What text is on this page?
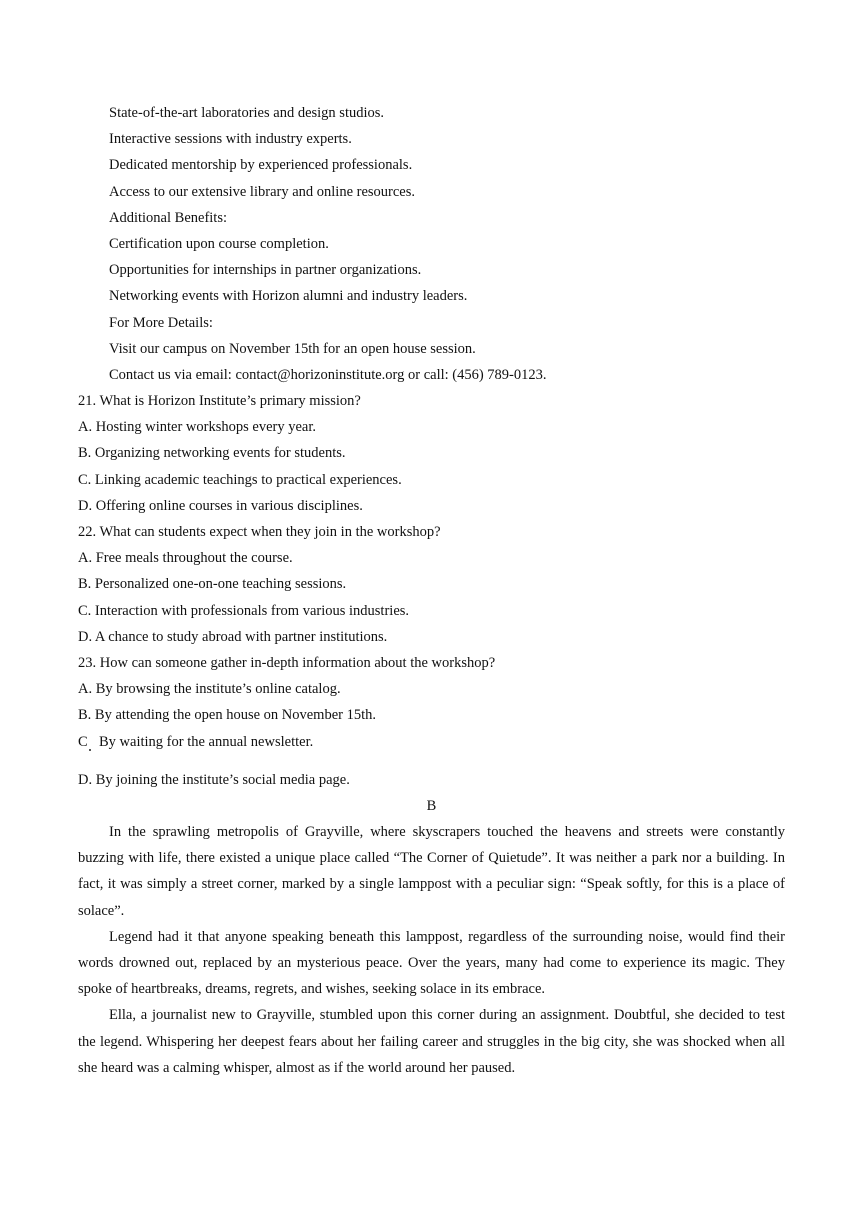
State-of-the-art laboratories and design studios.
Interactive sessions with industry experts.
Dedicated mentorship by experienced professionals.
Access to our extensive library and online resources.
Additional Benefits:
Certification upon course completion.
Opportunities for internships in partner organizations.
Networking events with Horizon alumni and industry leaders.
For More Details:
Visit our campus on November 15th for an open house session.
Contact us via email: contact@horizoninstitute.org or call: (456) 789-0123.
21. What is Horizon Institute’s primary mission?
A. Hosting winter workshops every year.
B. Organizing networking events for students.
C. Linking academic teachings to practical experiences.
D. Offering online courses in various disciplines.
22. What can students expect when they join in the workshop?
A. Free meals throughout the course.
B. Personalized one-on-one teaching sessions.
C. Interaction with professionals from various industries.
D. A chance to study abroad with partner institutions.
23. How can someone gather in-depth information about the workshop?
A. By browsing the institute’s online catalog.
B. By attending the open house on November 15th.
C By waiting for the annual newsletter.
D. By joining the institute’s social media page.
B

In the sprawling metropolis of Grayville, where skyscrapers touched the heavens and streets were constantly buzzing with life, there existed a unique place called “The Corner of Quietude”. It was neither a park nor a building. In fact, it was simply a street corner, marked by a single lamppost with a peculiar sign: “Speak softly, for this is a place of solace”.

Legend had it that anyone speaking beneath this lamppost, regardless of the surrounding noise, would find their words drowned out, replaced by an mysterious peace. Over the years, many had come to experience its magic. They spoke of heartbreaks, dreams, regrets, and wishes, seeking solace in its embrace.

Ella, a journalist new to Grayville, stumbled upon this corner during an assignment. Doubtful, she decided to test the legend. Whispering her deepest fears about her failing career and struggles in the big city, she was shocked when all she heard was a calming whisper, almost as if the world around her paused.
